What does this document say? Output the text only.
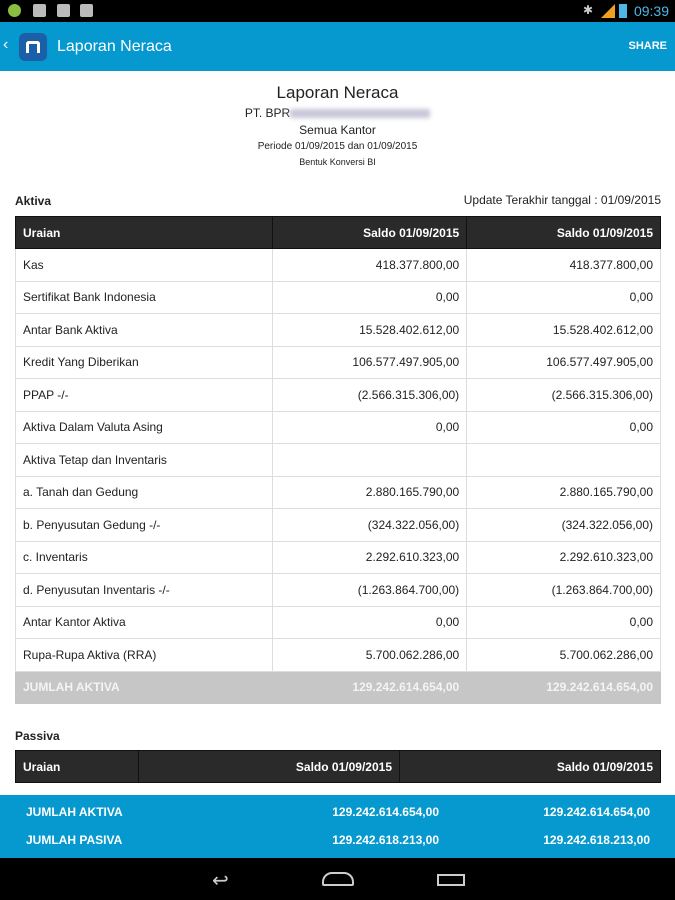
✱	09:39
‹	Laporan Neraca	SHARE
Laporan Neraca
PT. BPR
Semua Kantor
Periode 01/09/2015 dan 01/09/2015
Bentuk Konversi BI
Aktiva	Update Terakhir tanggal : 01/09/2015
Uraian	Saldo 01/09/2015	Saldo 01/09/2015
Kas	418.377.800,00	418.377.800,00
Sertifikat Bank Indonesia	0,00	0,00
Antar Bank Aktiva	15.528.402.612,00	15.528.402.612,00
Kredit Yang Diberikan	106.577.497.905,00	106.577.497.905,00
PPAP -/-	(2.566.315.306,00)	(2.566.315.306,00)
Aktiva Dalam Valuta Asing	0,00	0,00
Aktiva Tetap dan Inventaris		
a. Tanah dan Gedung	2.880.165.790,00	2.880.165.790,00
b. Penyusutan Gedung -/-	(324.322.056,00)	(324.322.056,00)
c. Inventaris	2.292.610.323,00	2.292.610.323,00
d. Penyusutan Inventaris -/-	(1.263.864.700,00)	(1.263.864.700,00)
Antar Kantor Aktiva	0,00	0,00
Rupa-Rupa Aktiva (RRA)	5.700.062.286,00	5.700.062.286,00
JUMLAH AKTIVA	129.242.614.654,00	129.242.614.654,00
Passiva
Uraian	Saldo 01/09/2015	Saldo 01/09/2015
JUMLAH AKTIVA	129.242.614.654,00	129.242.614.654,00
JUMLAH PASIVA	129.242.618.213,00	129.242.618.213,00
↩
